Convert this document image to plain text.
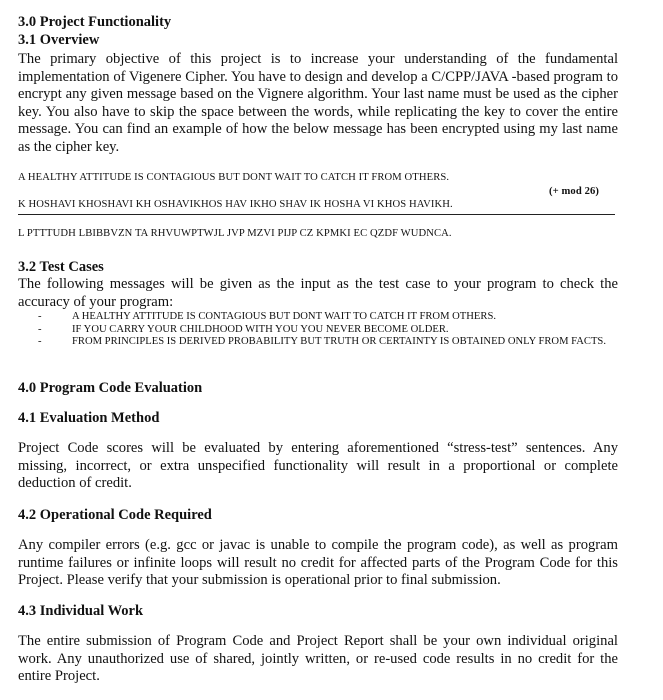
3.0 Project Functionality
3.1 Overview
The primary objective of this project is to increase your understanding of the fundamental implementation of Vigenere Cipher. You have to design and develop a C/CPP/JAVA -based program to encrypt any given message based on the Vignere algorithm. Your last name must be used as the cipher key. You also have to skip the space between the words, while replicating the key to cover the entire message. You can find an example of how the below message has been encrypted using my last name as the cipher key.
A HEALTHY ATTITUDE IS CONTAGIOUS BUT DONT WAIT TO CATCH IT FROM OTHERS.
(+ mod 26)
K HOSHAVI KHOSHAVI KH OSHAVIKHOS HAV IKHO SHAV IK HOSHA VI KHOS HAVIKH.
L PTTTUDH LBIBBVZN TA RHVUWPTWJL JVP MZVI PIJP CZ KPMKI EC QZDF WUDNCA.
3.2 Test Cases
The following messages will be given as the input as the test case to your program to check the accuracy of your program:
-	A HEALTHY ATTITUDE IS CONTAGIOUS BUT DONT WAIT TO CATCH IT FROM OTHERS.
-	IF YOU CARRY YOUR CHILDHOOD WITH YOU YOU NEVER BECOME OLDER.
-	FROM PRINCIPLES IS DERIVED PROBABILITY BUT TRUTH OR CERTAINTY IS OBTAINED ONLY FROM FACTS.
4.0 Program Code Evaluation
4.1 Evaluation Method
Project Code scores will be evaluated by entering aforementioned “stress-test” sentences. Any missing, incorrect, or extra unspecified functionality will result in a proportional or complete deduction of credit.
4.2 Operational Code Required
Any compiler errors (e.g. gcc or javac is unable to compile the program code), as well as program runtime failures or infinite loops will result no credit for affected parts of the Program Code for this Project. Please verify that your submission is operational prior to final submission.
4.3 Individual Work
The entire submission of Program Code and Project Report shall be your own individual original work. Any unauthorized use of shared, jointly written, or re-used code results in no credit for the entire Project.
